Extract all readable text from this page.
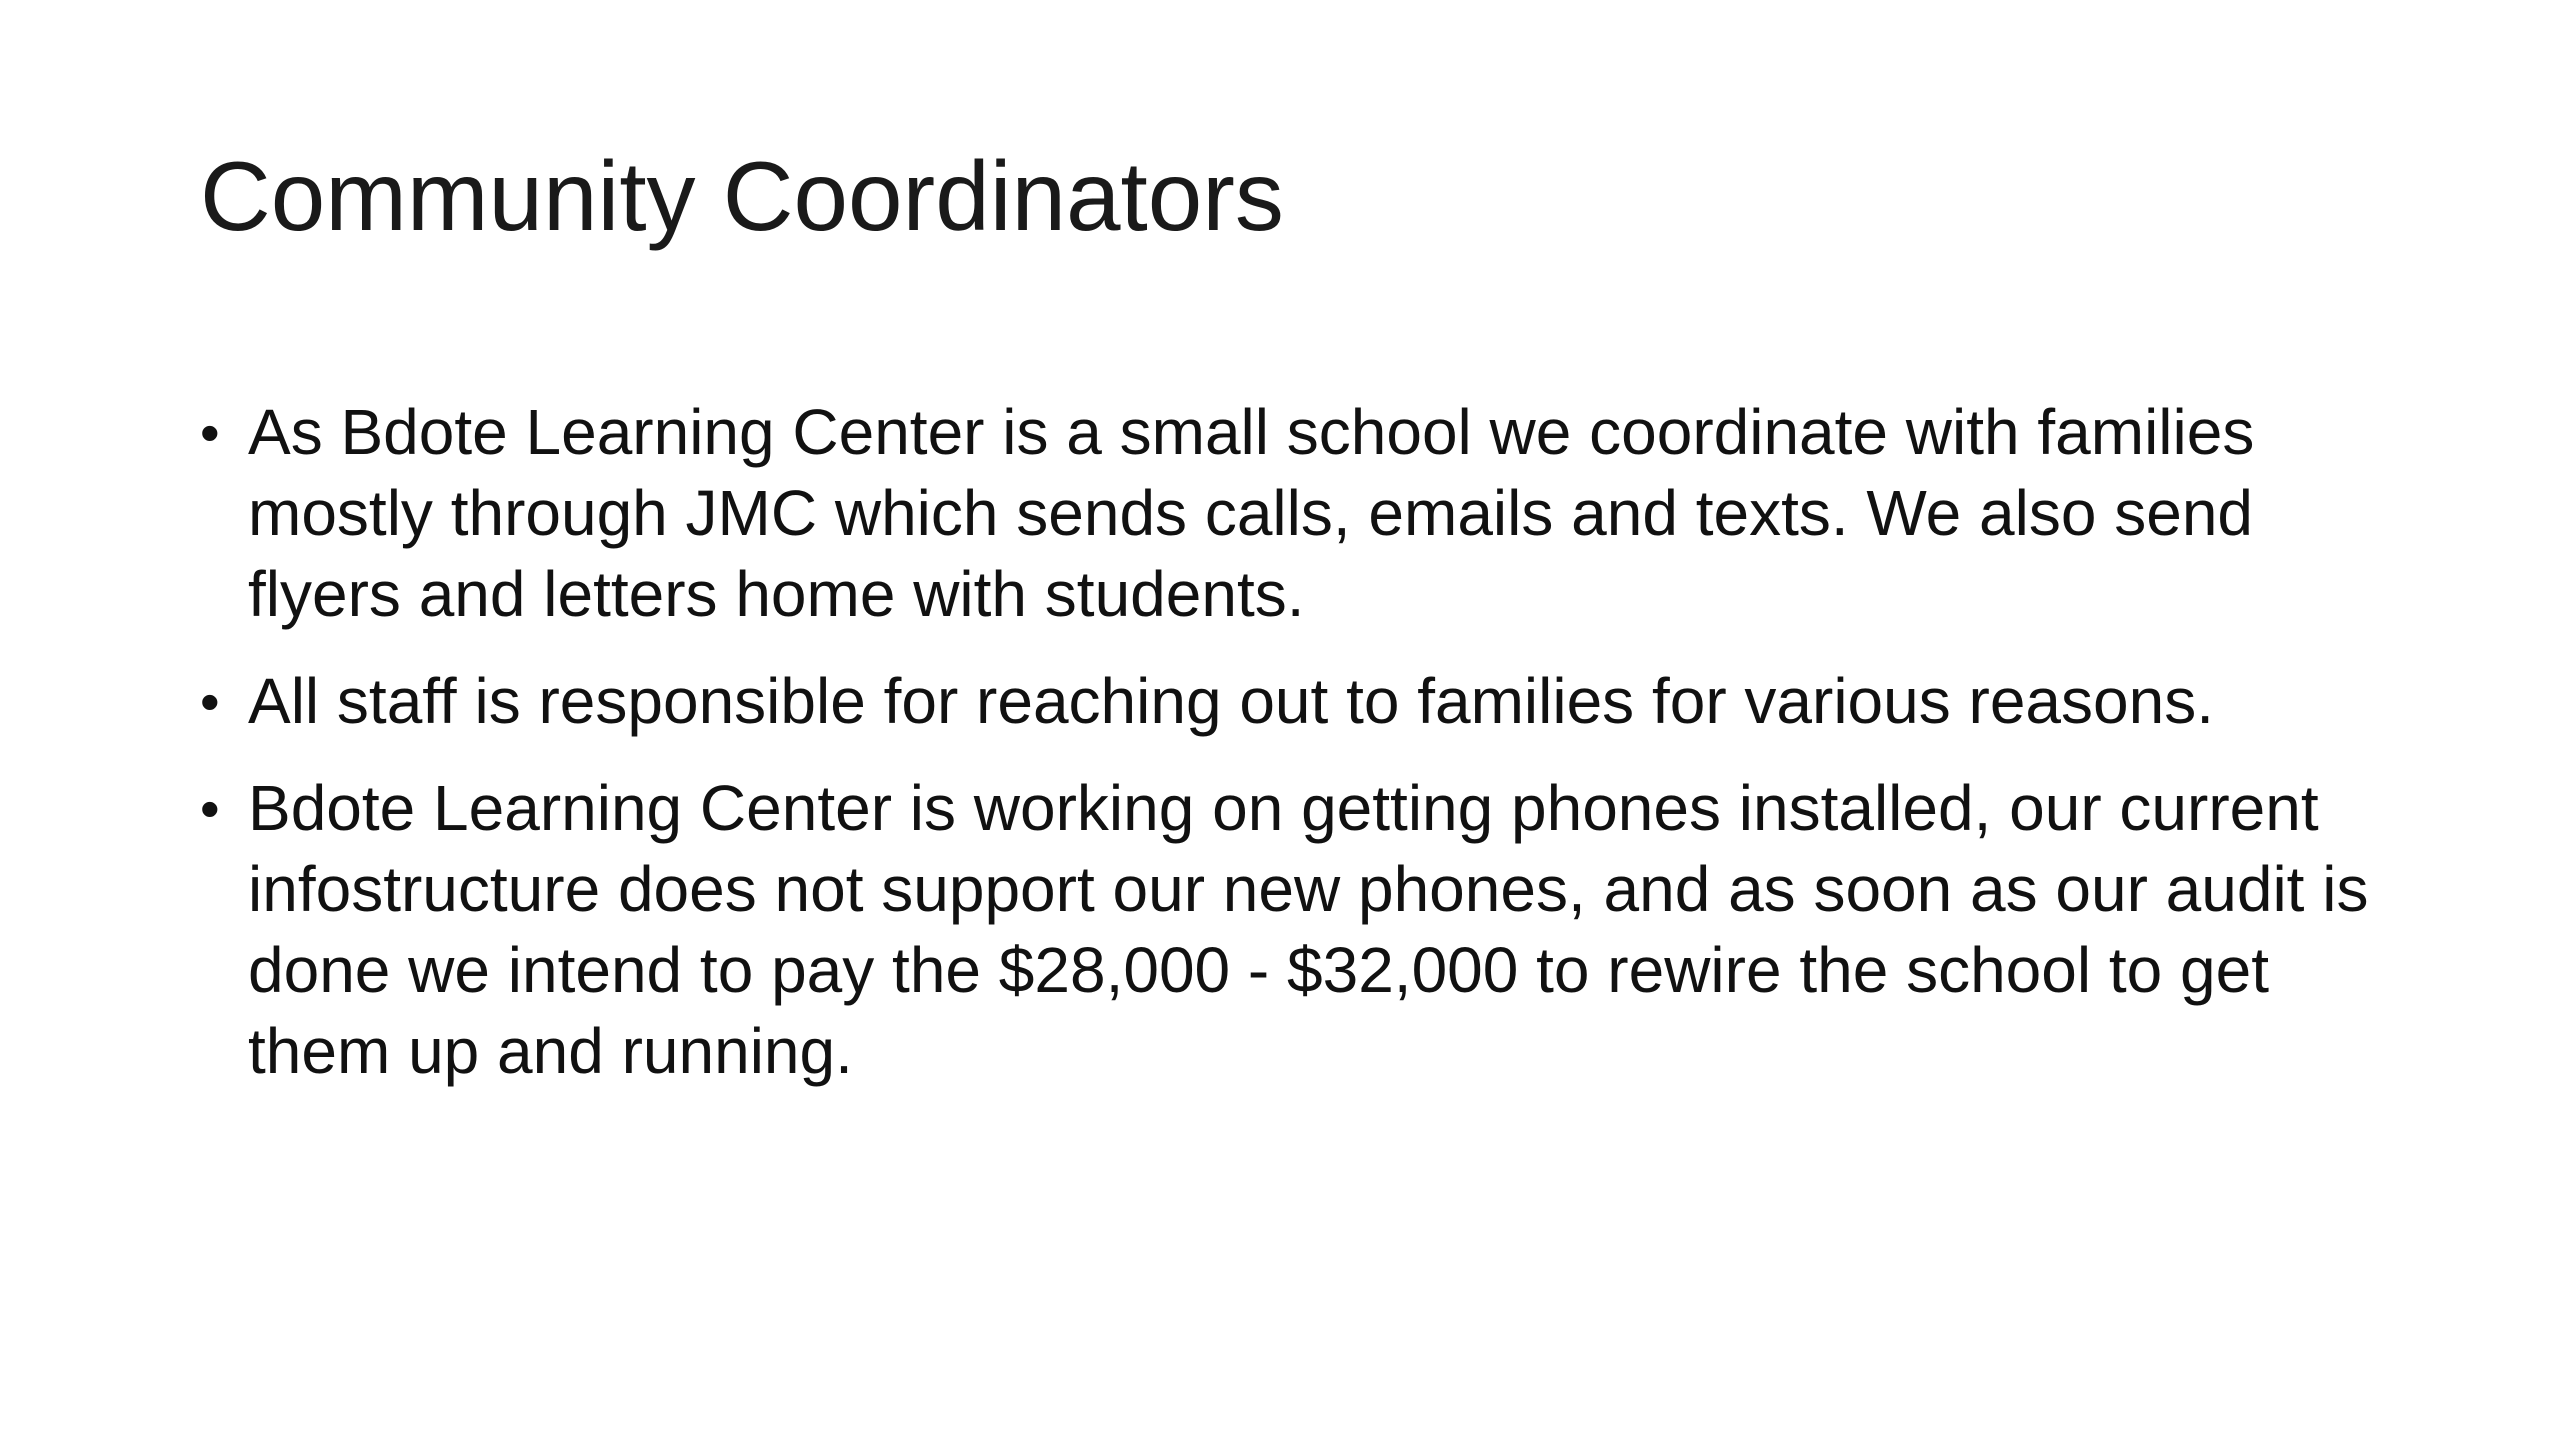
Community Coordinators
• As Bdote Learning Center is a small school we coordinate with families mostly through JMC which sends calls, emails and texts. We also send flyers and letters home with students.
• All staff is responsible for reaching out to families for various reasons.
• Bdote Learning Center is working on getting phones installed, our current infostructure does not support our new phones, and as soon as our audit is done we intend to pay the $28,000 - $32,000 to rewire the school to get them up and running.
